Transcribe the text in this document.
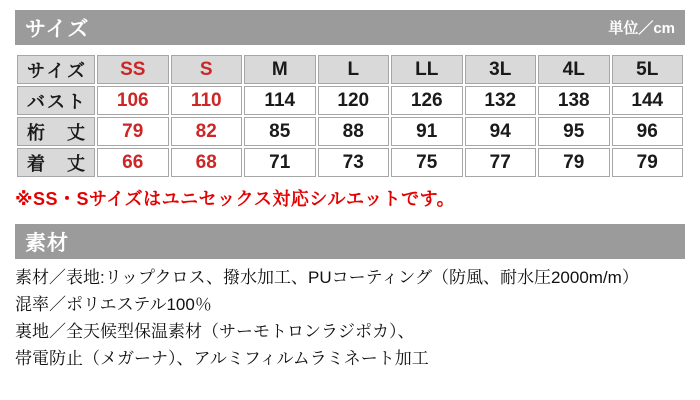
サイズ	単位／cm
サイズ	SS	S	M	L	LL	3L	4L	5L
バスト	106	110	114	120	126	132	138	144
桁丈	79	82	85	88	91	94	95	96
着丈	66	68	71	73	75	77	79	79

※SS・Sサイズはユニセックス対応シルエットです。

素材
素材／表地:リップクロス、撥水加工、PUコーティング（防風、耐水圧2000m/m）
混率／ポリエステル100％
裏地／全天候型保温素材（サーモトロンラジポカ）、
帯電防止（メガーナ）、アルミフィルムラミネート加工
